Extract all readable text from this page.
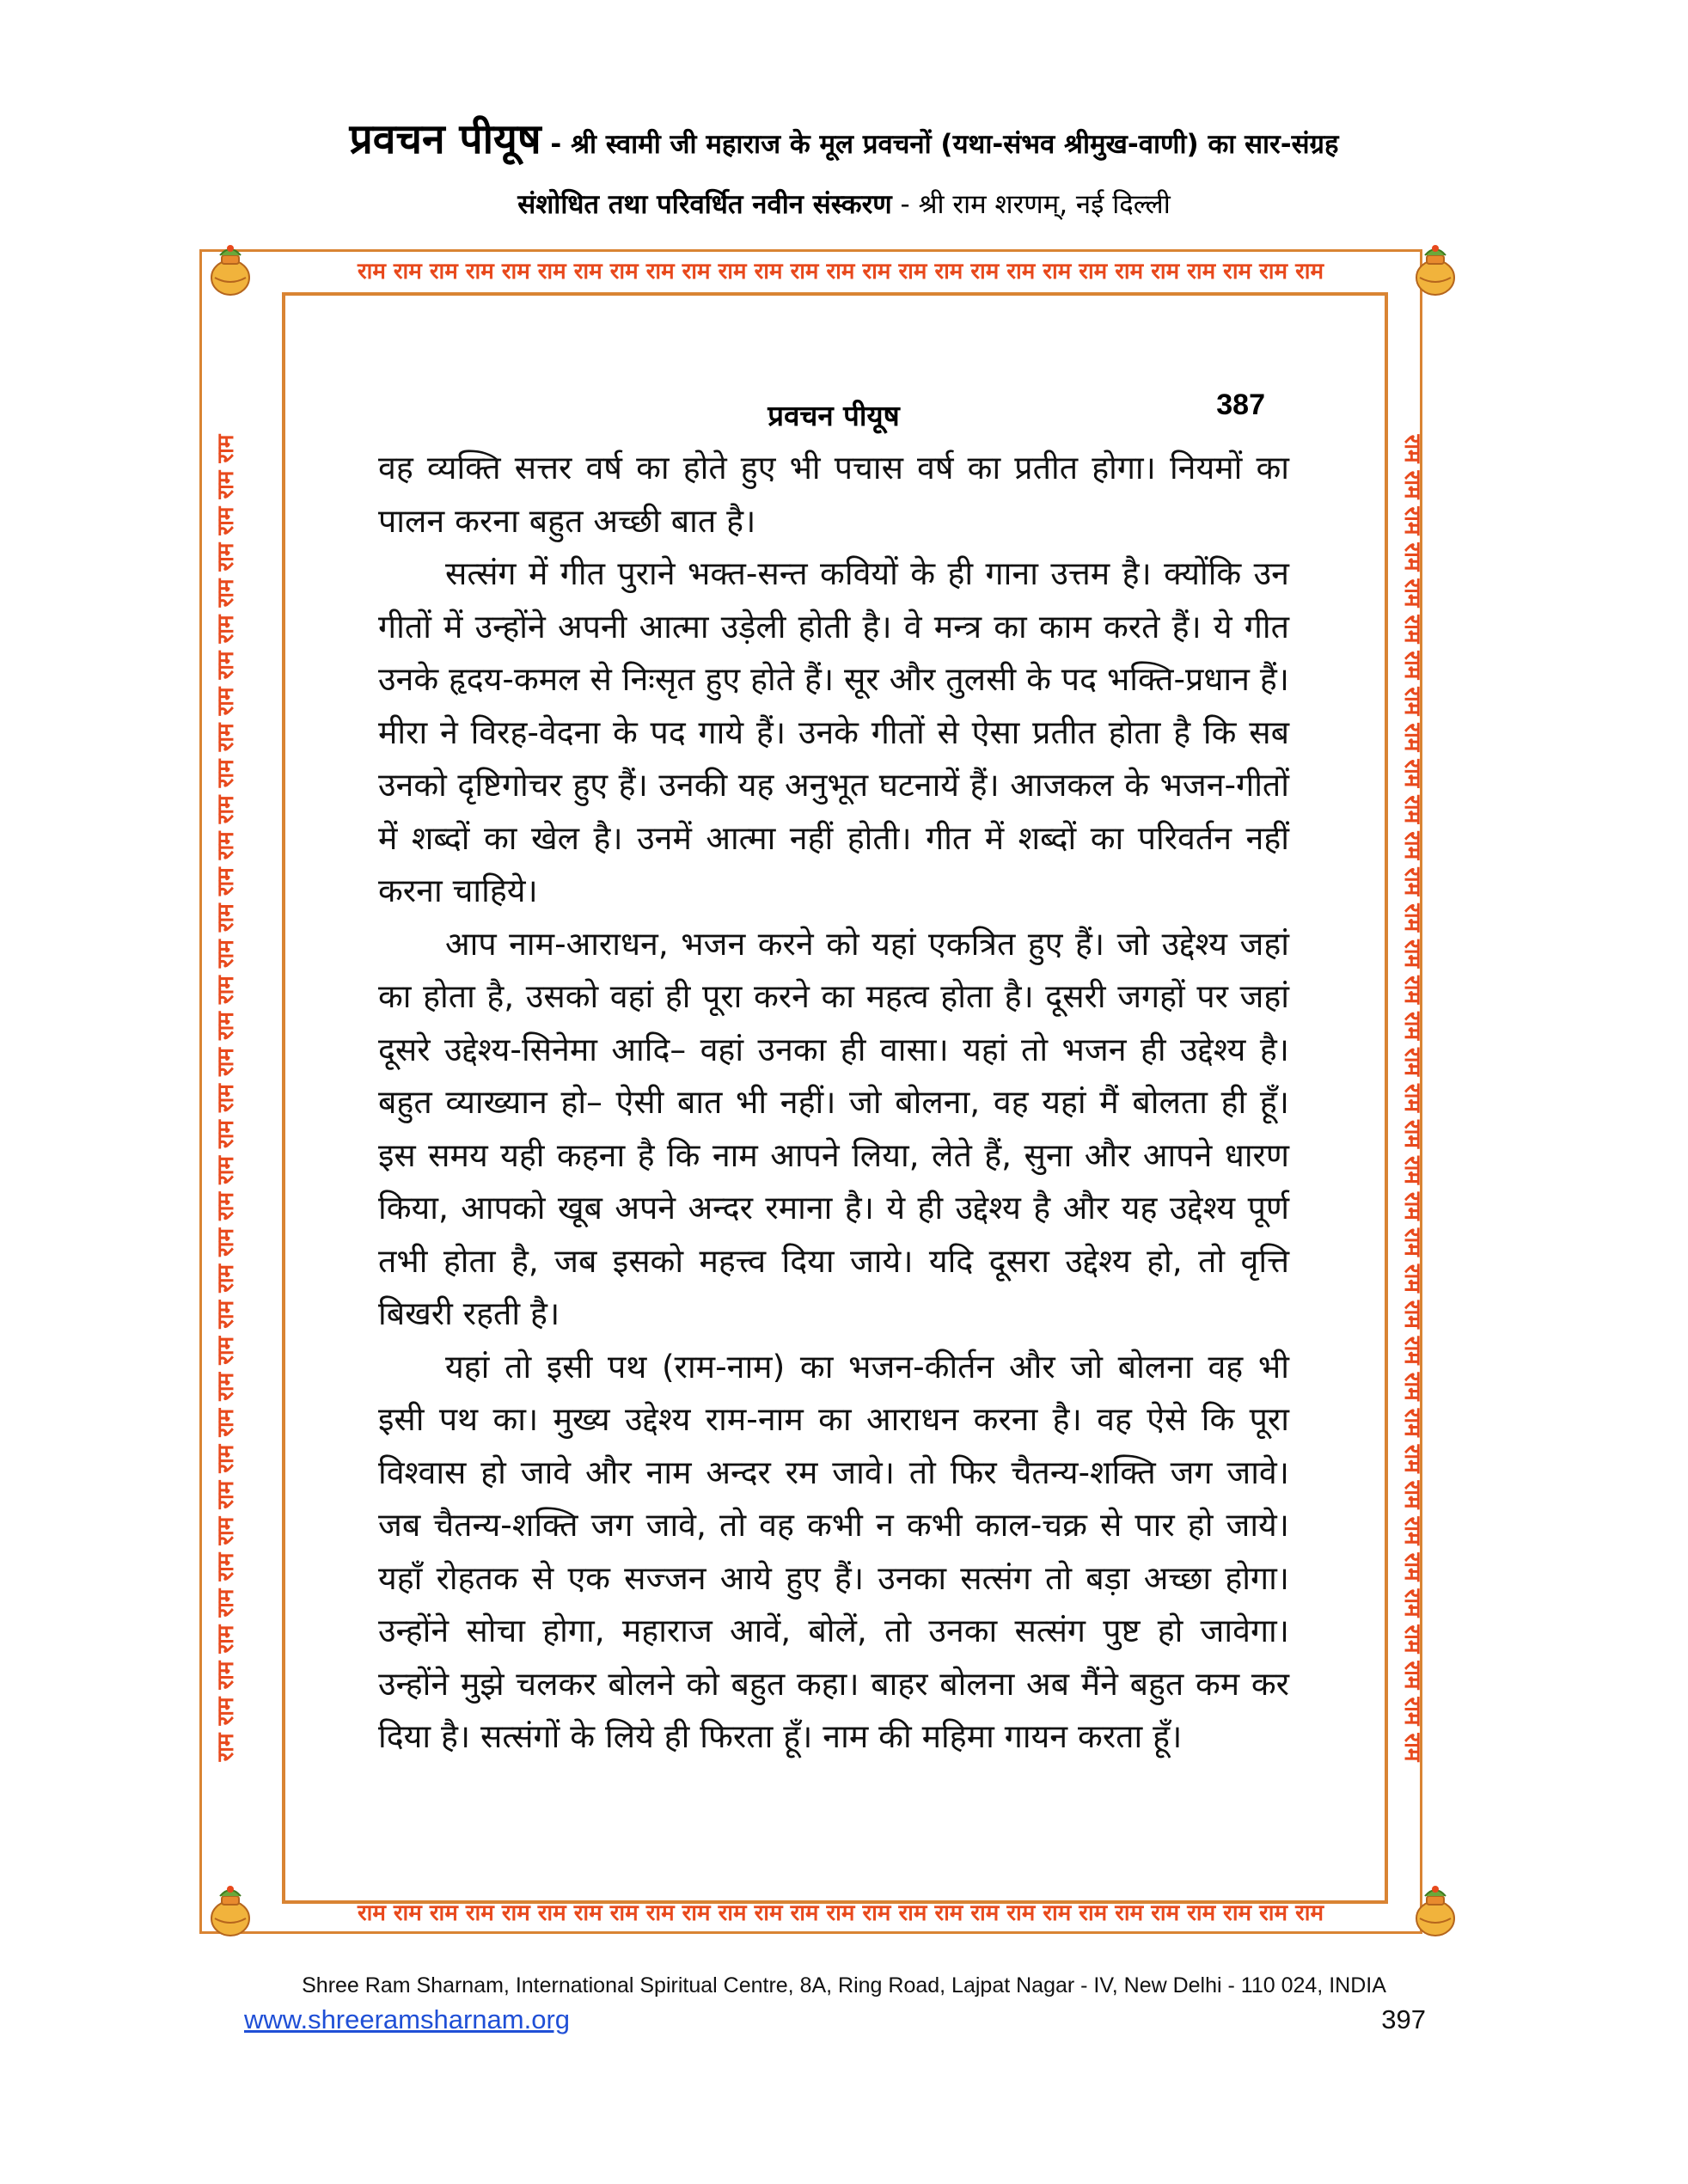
प्रवचन पीयूष - श्री स्वामी जी महाराज के मूल प्रवचनों (यथा-संभव श्रीमुख-वाणी) का सार-संग्रह
संशोधित तथा परिवर्धित नवीन संस्करण - श्री राम शरणम्, नई दिल्ली
राम राम राम राम राम राम राम राम राम राम राम राम राम राम राम राम राम राम राम राम राम राम राम राम राम राम राम
राम राम राम राम राम राम राम राम राम राम राम राम राम राम राम राम राम राम राम राम राम राम राम राम राम राम राम
राम राम राम राम राम राम राम राम राम राम राम राम राम राम राम राम राम राम राम राम राम राम राम राम राम राम राम राम राम राम राम राम राम राम राम राम राम	राम राम राम राम राम राम राम राम राम राम राम राम राम राम राम राम राम राम राम राम राम राम राम राम राम राम राम राम राम राम राम राम राम राम राम राम राम
प्रवचन पीयूष	387

वह व्यक्ति सत्तर वर्ष का होते हुए भी पचास वर्ष का प्रतीत होगा। नियमों का पालन करना बहुत अच्छी बात है।

सत्संग में गीत पुराने भक्त-सन्त कवियों के ही गाना उत्तम है। क्योंकि उन गीतों में उन्होंने अपनी आत्मा उड़ेली होती है। वे मन्त्र का काम करते हैं। ये गीत उनके हृदय-कमल से निःसृत हुए होते हैं। सूर और तुलसी के पद भक्ति-प्रधान हैं। मीरा ने विरह-वेदना के पद गाये हैं। उनके गीतों से ऐसा प्रतीत होता है कि सब उनको दृष्टिगोचर हुए हैं। उनकी यह अनुभूत घटनायें हैं। आजकल के भजन-गीतों में शब्दों का खेल है। उनमें आत्मा नहीं होती। गीत में शब्दों का परिवर्तन नहीं करना चाहिये।

आप नाम-आराधन, भजन करने को यहां एकत्रित हुए हैं। जो उद्देश्य जहां का होता है, उसको वहां ही पूरा करने का महत्व होता है। दूसरी जगहों पर जहां दूसरे उद्देश्य-सिनेमा आदि– वहां उनका ही वासा। यहां तो भजन ही उद्देश्य है। बहुत व्याख्यान हो– ऐसी बात भी नहीं। जो बोलना, वह यहां मैं बोलता ही हूँ। इस समय यही कहना है कि नाम आपने लिया, लेते हैं, सुना और आपने धारण किया, आपको खूब अपने अन्दर रमाना है। ये ही उद्देश्य है और यह उद्देश्य पूर्ण तभी होता है, जब इसको महत्त्व दिया जाये। यदि दूसरा उद्देश्य हो, तो वृत्ति बिखरी रहती है।

यहां तो इसी पथ (राम-नाम) का भजन-कीर्तन और जो बोलना वह भी इसी पथ का। मुख्य उद्देश्य राम-नाम का आराधन करना है। वह ऐसे कि पूरा विश्वास हो जावे और नाम अन्दर रम जावे। तो फिर चैतन्य-शक्ति जग जावे। जब चैतन्य-शक्ति जग जावे, तो वह कभी न कभी काल-चक्र से पार हो जाये। यहाँ रोहतक से एक सज्जन आये हुए हैं। उनका सत्संग तो बड़ा अच्छा होगा। उन्होंने सोचा होगा, महाराज आवें, बोलें, तो उनका सत्संग पुष्ट हो जावेगा। उन्होंने मुझे चलकर बोलने को बहुत कहा। बाहर बोलना अब मैंने बहुत कम कर दिया है। सत्संगों के लिये ही फिरता हूँ। नाम की महिमा गायन करता हूँ।

Shree Ram Sharnam, International Spiritual Centre, 8A, Ring Road, Lajpat Nagar - IV, New Delhi - 110 024, INDIA
www.shreeramsharnam.org	397
